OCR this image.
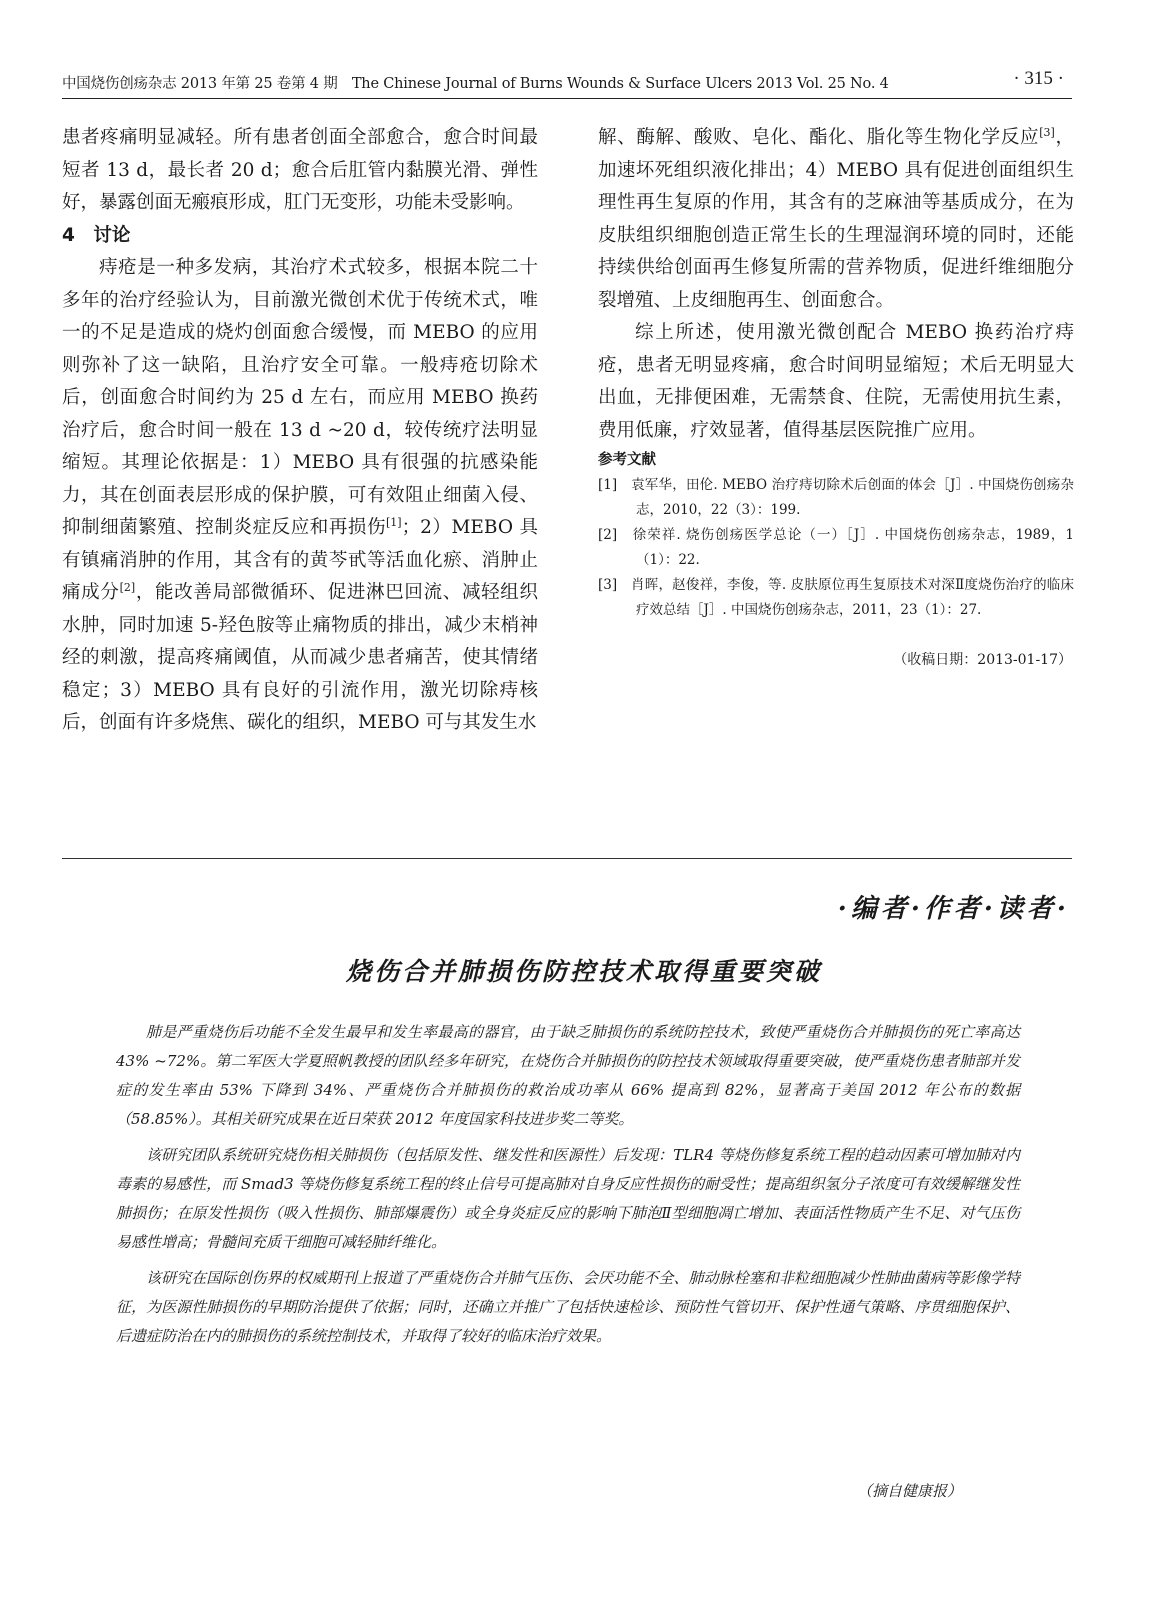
中国烧伤创疡杂志 2013 年第 25 卷第 4 期　The Chinese Journal of Burns Wounds & Surface Ulcers 2013 Vol. 25 No. 4	· 315 ·

患者疼痛明显减轻。所有患者创面全部愈合，愈合时间最短者 13 d，最长者 20 d；愈合后肛管内黏膜光滑、弹性好，暴露创面无瘢痕形成，肛门无变形，功能未受影响。

4　讨论

痔疮是一种多发病，其治疗术式较多，根据本院二十多年的治疗经验认为，目前激光微创术优于传统术式，唯一的不足是造成的烧灼创面愈合缓慢，而 MEBO 的应用则弥补了这一缺陷，且治疗安全可靠。一般痔疮切除术后，创面愈合时间约为 25 d 左右，而应用 MEBO 换药治疗后，愈合时间一般在 13 d ~20 d，较传统疗法明显缩短。其理论依据是：1）MEBO 具有很强的抗感染能力，其在创面表层形成的保护膜，可有效阻止细菌入侵、抑制细菌繁殖、控制炎症反应和再损伤[1]；2）MEBO 具有镇痛消肿的作用，其含有的黄芩甙等活血化瘀、消肿止痛成分[2]，能改善局部微循环、促进淋巴回流、减轻组织水肿，同时加速 5-羟色胺等止痛物质的排出，减少末梢神经的刺激，提高疼痛阈值，从而减少患者痛苦，使其情绪稳定；3）MEBO 具有良好的引流作用，激光切除痔核后，创面有许多烧焦、碳化的组织，MEBO 可与其发生水

解、酶解、酸败、皂化、酯化、脂化等生物化学反应[3]，加速坏死组织液化排出；4）MEBO 具有促进创面组织生理性再生复原的作用，其含有的芝麻油等基质成分，在为皮肤组织细胞创造正常生长的生理湿润环境的同时，还能持续供给创面再生修复所需的营养物质，促进纤维细胞分裂增殖、上皮细胞再生、创面愈合。

综上所述，使用激光微创配合 MEBO 换药治疗痔疮，患者无明显疼痛，愈合时间明显缩短；术后无明显大出血，无排便困难，无需禁食、住院，无需使用抗生素，费用低廉，疗效显著，值得基层医院推广应用。

参考文献

[1]　袁军华，田伦. MEBO 治疗痔切除术后创面的体会［J］. 中国烧伤创疡杂志，2010，22（3）：199.

[2]　徐荣祥. 烧伤创疡医学总论（一）［J］. 中国烧伤创疡杂志，1989，1（1）：22.

[3]　肖晖，赵俊祥，李俊，等. 皮肤原位再生复原技术对深Ⅱ度烧伤治疗的临床疗效总结［J］. 中国烧伤创疡杂志，2011，23（1）：27.

（收稿日期：2013-01-17）
·编者·作者·读者·
烧伤合并肺损伤防控技术取得重要突破

肺是严重烧伤后功能不全发生最早和发生率最高的器官，由于缺乏肺损伤的系统防控技术，致使严重烧伤合并肺损伤的死亡率高达 43% ~72%。第二军医大学夏照帆教授的团队经多年研究，在烧伤合并肺损伤的防控技术领域取得重要突破，使严重烧伤患者肺部并发症的发生率由 53% 下降到 34%、严重烧伤合并肺损伤的救治成功率从 66% 提高到 82%，显著高于美国 2012 年公布的数据（58.85%）。其相关研究成果在近日荣获 2012 年度国家科技进步奖二等奖。

该研究团队系统研究烧伤相关肺损伤（包括原发性、继发性和医源性）后发现：TLR4 等烧伤修复系统工程的趋动因素可增加肺对内毒素的易感性，而 Smad3 等烧伤修复系统工程的终止信号可提高肺对自身反应性损伤的耐受性；提高组织氢分子浓度可有效缓解继发性肺损伤；在原发性损伤（吸入性损伤、肺部爆震伤）或全身炎症反应的影响下肺泡Ⅱ型细胞凋亡增加、表面活性物质产生不足、对气压伤易感性增高；骨髓间充质干细胞可减轻肺纤维化。

该研究在国际创伤界的权威期刊上报道了严重烧伤合并肺气压伤、会厌功能不全、肺动脉栓塞和非粒细胞减少性肺曲菌病等影像学特征，为医源性肺损伤的早期防治提供了依据；同时，还确立并推广了包括快速检诊、预防性气管切开、保护性通气策略、序贯细胞保护、后遗症防治在内的肺损伤的系统控制技术，并取得了较好的临床治疗效果。

（摘自健康报）
